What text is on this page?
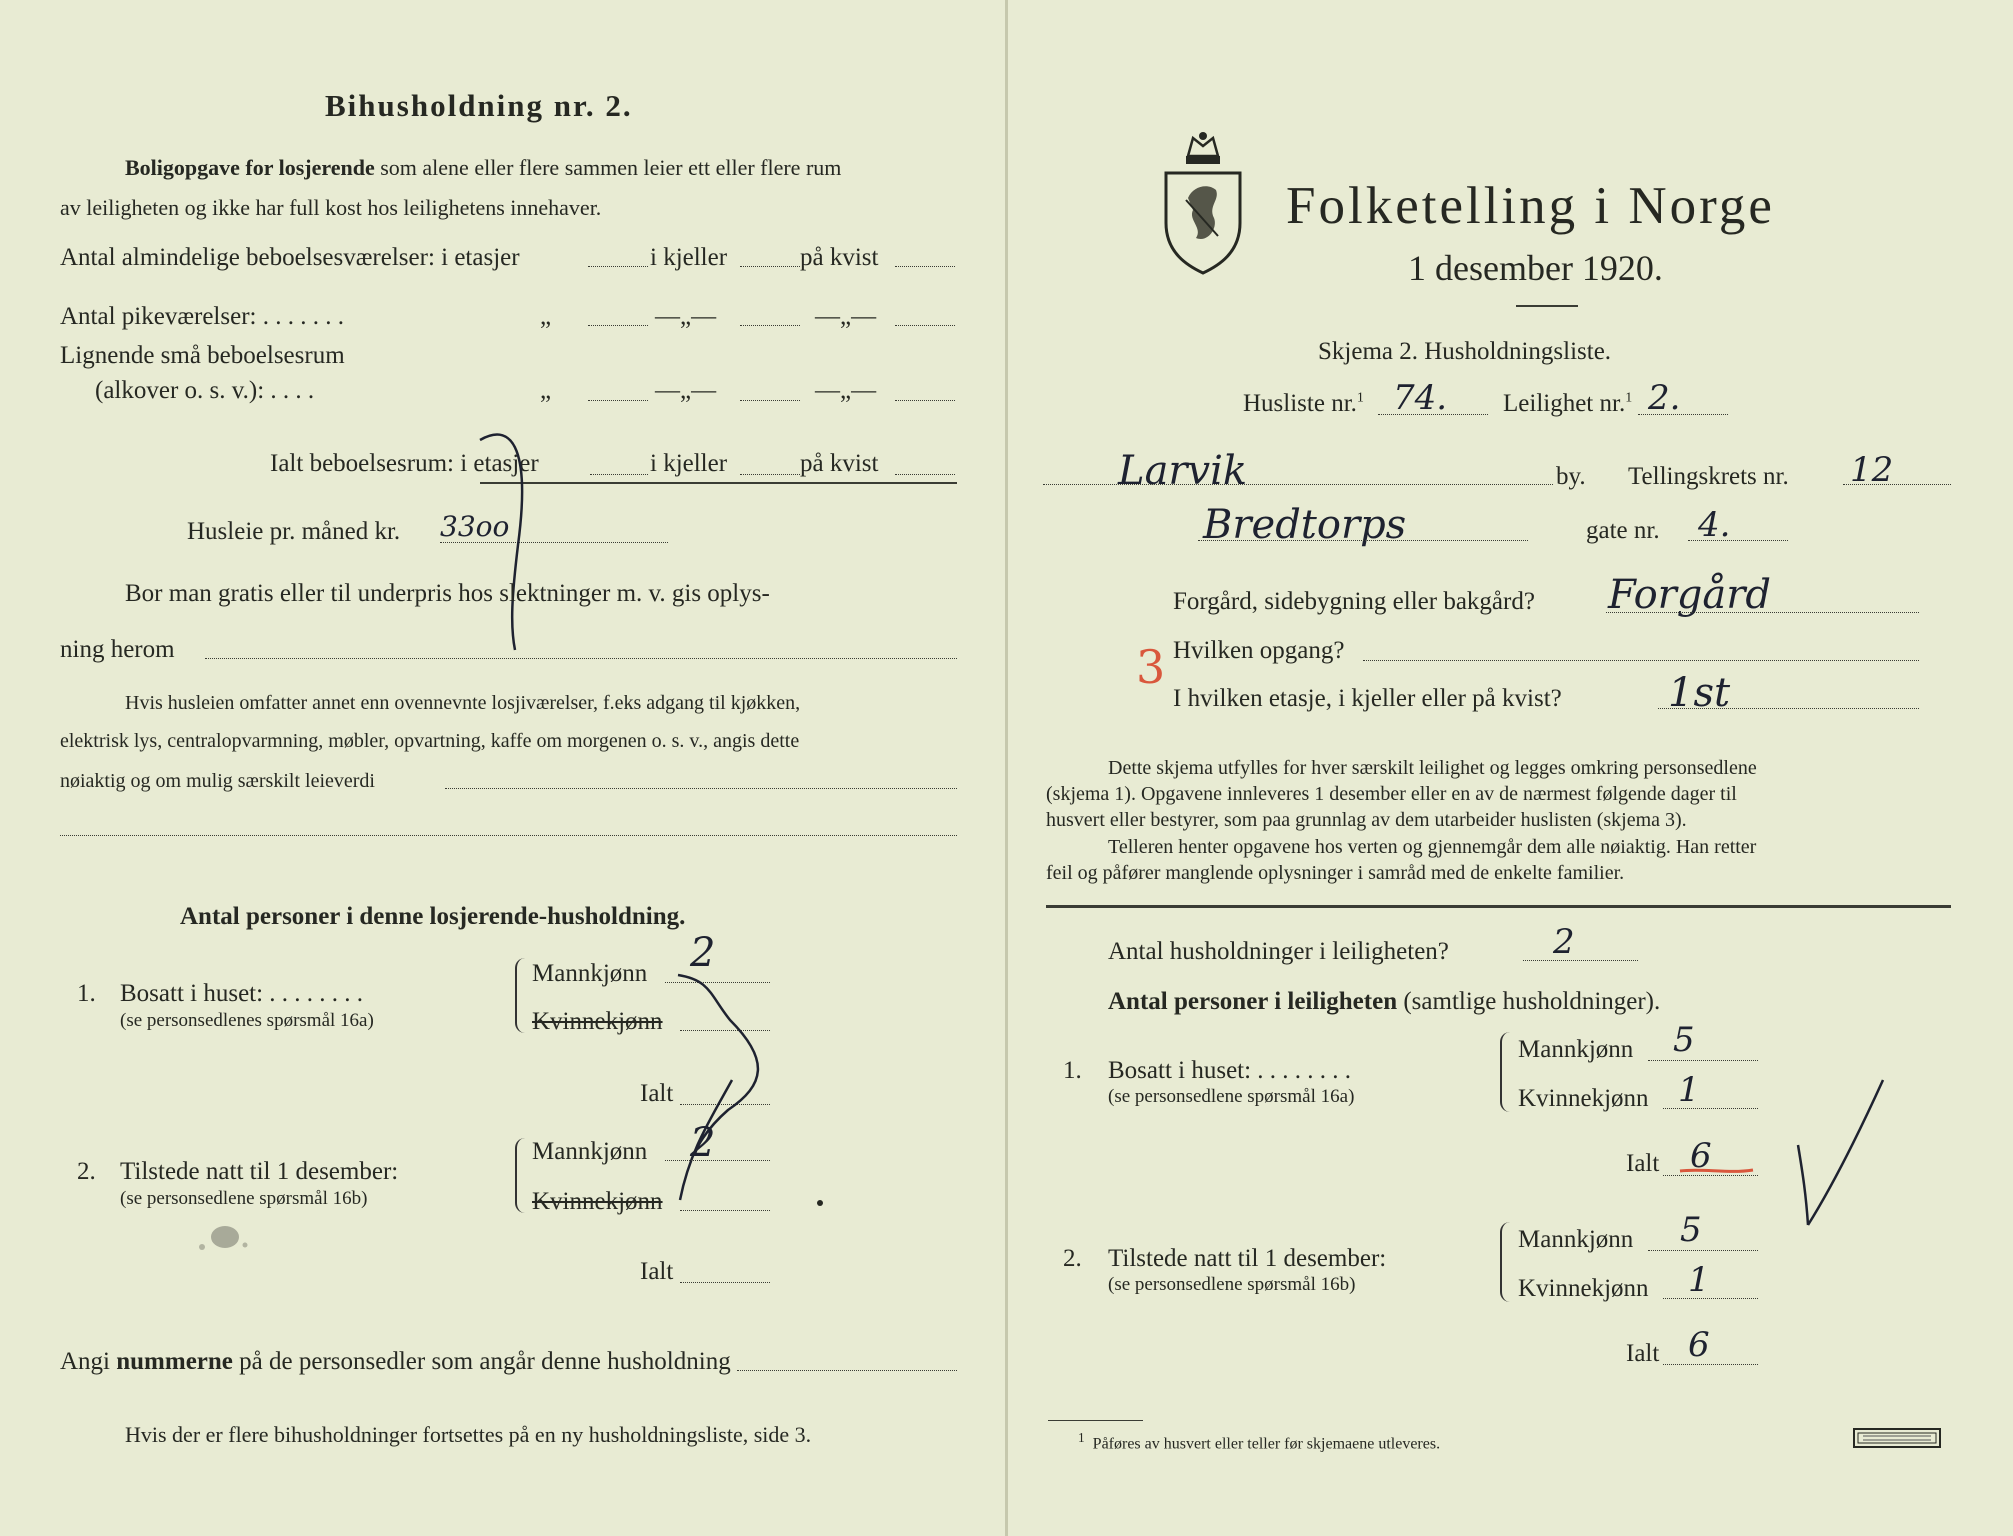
Bihusholdning nr. 2.
Boligopgave for losjerende som alene eller flere sammen leier ett eller flere rum
av leiligheten og ikke har full kost hos leilighetens innehaver.
Antal almindelige beboelsesværelser: i etasjer	i kjeller	på kvist
Antal pikeværelser: . . . . . . .	„	—„—	—„—
Lignende små beboelsesrum
(alkover o. s. v.): . . . .	„	—„—	—„—
Ialt beboelsesrum: i etasjer	i kjeller	på kvist
Husleie pr. måned kr. 33oo
Bor man gratis eller til underpris hos slektninger m. v. gis oplys-
ning herom
Hvis husleien omfatter annet enn ovennevnte losjiværelser, f.eks adgang til kjøkken,
elektrisk lys, centralopvarmning, møbler, opvartning, kaffe om morgenen o. s. v., angis dette
nøiaktig og om mulig særskilt leieverdi
Antal personer i denne losjerende-husholdning.
1. Bosatt i huset: . . . . . . . .
(se personsedlenes spørsmål 16a)
Mannkjønn 2
Kvinnekjønn
Ialt
2. Tilstede natt til 1 desember:
(se personsedlene spørsmål 16b)
Mannkjønn 2
Kvinnekjønn
Ialt
Angi nummerne på de personsedler som angår denne husholdning
Hvis der er flere bihusholdninger fortsettes på en ny husholdningsliste, side 3.
Folketelling i Norge
1 desember 1920.
Skjema 2. Husholdningsliste.
Husliste nr.$^1$ 74. Leilighet nr.$^1$ 2.
Larvik	by. Tellingskrets nr. 12
Bredtorps	gate nr. 4.
Forgård, sidebygning eller bakgård? Forgård
3 Hvilken opgang?
I hvilken etasje, i kjeller eller på kvist?	1st
Dette skjema utfylles for hver særskilt leilighet og legges omkring personsedlene
(skjema 1). Opgavene innleveres 1 desember eller en av de nærmest følgende dager til
husvert eller bestyrer, som paa grunnlag av dem utarbeider huslisten (skjema 3).
Telleren henter opgavene hos verten og gjennemgår dem alle nøiaktig. Han retter
feil og påfører manglende oplysninger i samråd med de enkelte familier.
Antal husholdninger i leiligheten?	2
Antal personer i leiligheten (samtlige husholdninger).
1. Bosatt i huset: . . . . . . . .
(se personsedlene spørsmål 16a)
Mannkjønn 5
Kvinnekjønn 1
Ialt 6
2. Tilstede natt til 1 desember:
(se personsedlene spørsmål 16b)
Mannkjønn 5
Kvinnekjønn 1
Ialt 6
$^1$ Påføres av husvert eller teller før skjemaene utleveres.
